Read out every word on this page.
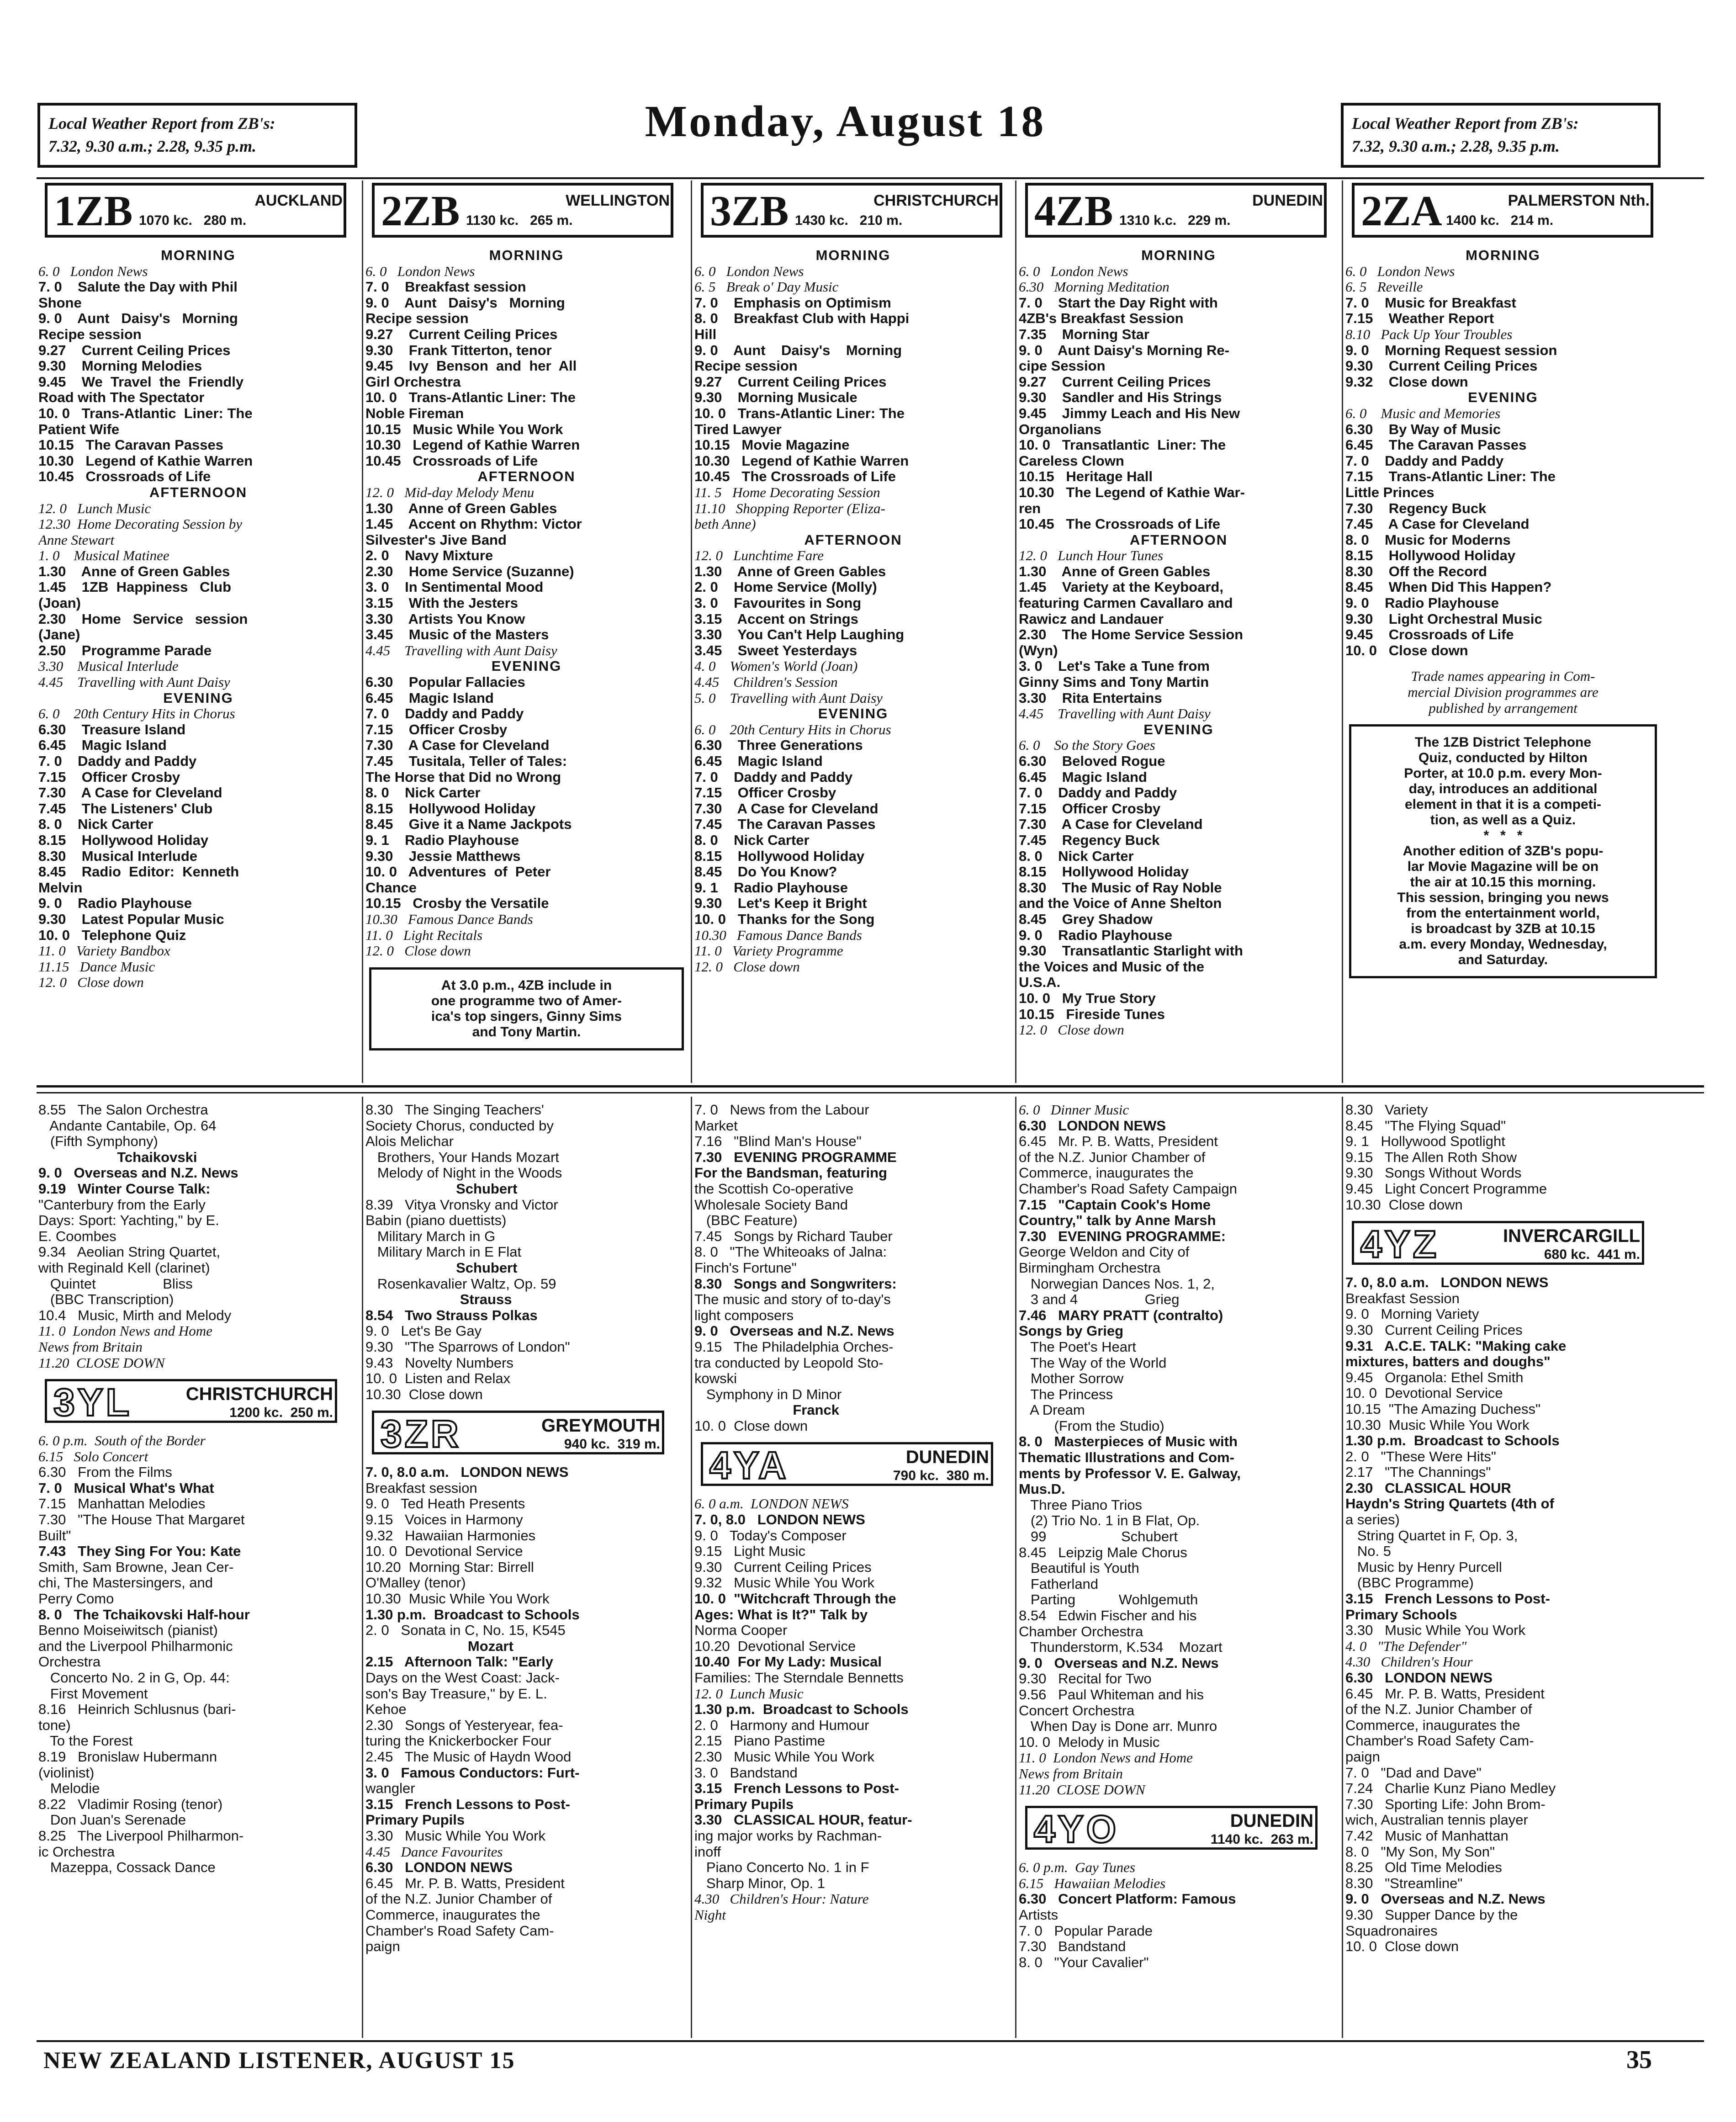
Local Weather Report from ZB's:
7.32, 9.30 a.m.; 2.28, 9.35 p.m.	Monday, August 18	Local Weather Report from ZB's:
7.32, 9.30 a.m.; 2.28, 9.35 p.m.
1ZB	AUCKLAND
1070 kc.   280 m.
MORNING
6. 0   London News
7. 0    Salute the Day with Phil
Shone
9. 0    Aunt   Daisy's   Morning
Recipe session
9.27    Current Ceiling Prices
9.30    Morning Melodies
9.45    We  Travel  the  Friendly
Road with The Spectator
10. 0   Trans-Atlantic  Liner: The
Patient Wife
10.15   The Caravan Passes
10.30   Legend of Kathie Warren
10.45   Crossroads of Life
AFTERNOON
12. 0   Lunch Music
12.30  Home Decorating Session by
Anne Stewart
1. 0    Musical Matinee
1.30    Anne of Green Gables
1.45    1ZB  Happiness   Club
(Joan)
2.30    Home   Service   session
(Jane)
2.50    Programme Parade
3.30    Musical Interlude
4.45    Travelling with Aunt Daisy
EVENING
6. 0    20th Century Hits in Chorus
6.30    Treasure Island
6.45    Magic Island
7. 0    Daddy and Paddy
7.15    Officer Crosby
7.30    A Case for Cleveland
7.45    The Listeners' Club
8. 0    Nick Carter
8.15    Hollywood Holiday
8.30    Musical Interlude
8.45    Radio  Editor:  Kenneth
Melvin
9. 0    Radio Playhouse
9.30    Latest Popular Music
10. 0   Telephone Quiz
11. 0   Variety Bandbox
11.15   Dance Music
12. 0   Close down
2ZB	WELLINGTON
1130 kc.   265 m.
MORNING
6. 0   London News
7. 0    Breakfast session
9. 0    Aunt   Daisy's   Morning
Recipe session
9.27    Current Ceiling Prices
9.30    Frank Titterton, tenor
9.45    Ivy  Benson  and  her  All
Girl Orchestra
10. 0   Trans-Atlantic Liner: The
Noble Fireman
10.15   Music While You Work
10.30   Legend of Kathie Warren
10.45   Crossroads of Life
AFTERNOON
12. 0   Mid-day Melody Menu
1.30    Anne of Green Gables
1.45    Accent on Rhythm: Victor
Silvester's Jive Band
2. 0    Navy Mixture
2.30    Home Service (Suzanne)
3. 0    In Sentimental Mood
3.15    With the Jesters
3.30    Artists You Know
3.45    Music of the Masters
4.45    Travelling with Aunt Daisy
EVENING
6.30    Popular Fallacies
6.45    Magic Island
7. 0    Daddy and Paddy
7.15    Officer Crosby
7.30    A Case for Cleveland
7.45    Tusitala, Teller of Tales:
The Horse that Did no Wrong
8. 0    Nick Carter
8.15    Hollywood Holiday
8.45    Give it a Name Jackpots
9. 1    Radio Playhouse
9.30    Jessie Matthews
10. 0   Adventures  of  Peter
Chance
10.15   Crosby the Versatile
10.30   Famous Dance Bands
11. 0   Light Recitals
12. 0   Close down
At 3.0 p.m., 4ZB include in
one programme two of Amer-
ica's top singers, Ginny Sims
and Tony Martin.
3ZB	CHRISTCHURCH
1430 kc.   210 m.
MORNING
6. 0   London News
6. 5   Break o' Day Music
7. 0    Emphasis on Optimism
8. 0    Breakfast Club with Happi
Hill
9. 0    Aunt    Daisy's    Morning
Recipe session
9.27    Current Ceiling Prices
9.30    Morning Musicale
10. 0   Trans-Atlantic Liner: The
Tired Lawyer
10.15   Movie Magazine
10.30   Legend of Kathie Warren
10.45   The Crossroads of Life
11. 5   Home Decorating Session
11.10   Shopping Reporter (Eliza-
beth Anne)
AFTERNOON
12. 0   Lunchtime Fare
1.30    Anne of Green Gables
2. 0    Home Service (Molly)
3. 0    Favourites in Song
3.15    Accent on Strings
3.30    You Can't Help Laughing
3.45    Sweet Yesterdays
4. 0    Women's World (Joan)
4.45    Children's Session
5. 0    Travelling with Aunt Daisy
EVENING
6. 0    20th Century Hits in Chorus
6.30    Three Generations
6.45    Magic Island
7. 0    Daddy and Paddy
7.15    Officer Crosby
7.30    A Case for Cleveland
7.45    The Caravan Passes
8. 0    Nick Carter
8.15    Hollywood Holiday
8.45    Do You Know?
9. 1    Radio Playhouse
9.30    Let's Keep it Bright
10. 0   Thanks for the Song
10.30   Famous Dance Bands
11. 0   Variety Programme
12. 0   Close down
4ZB	DUNEDIN
1310 k.c.   229 m.
MORNING
6. 0   London News
6.30   Morning Meditation
7. 0    Start the Day Right with
4ZB's Breakfast Session
7.35    Morning Star
9. 0    Aunt Daisy's Morning Re-
cipe Session
9.27    Current Ceiling Prices
9.30    Sandler and His Strings
9.45    Jimmy Leach and His New
Organolians
10. 0   Transatlantic  Liner: The
Careless Clown
10.15   Heritage Hall
10.30   The Legend of Kathie War-
ren
10.45   The Crossroads of Life
AFTERNOON
12. 0   Lunch Hour Tunes
1.30    Anne of Green Gables
1.45    Variety at the Keyboard,
featuring Carmen Cavallaro and
Rawicz and Landauer
2.30    The Home Service Session
(Wyn)
3. 0    Let's Take a Tune from
Ginny Sims and Tony Martin
3.30    Rita Entertains
4.45    Travelling with Aunt Daisy
EVENING
6. 0    So the Story Goes
6.30    Beloved Rogue
6.45    Magic Island
7. 0    Daddy and Paddy
7.15    Officer Crosby
7.30    A Case for Cleveland
7.45    Regency Buck
8. 0    Nick Carter
8.15    Hollywood Holiday
8.30    The Music of Ray Noble
and the Voice of Anne Shelton
8.45    Grey Shadow
9. 0    Radio Playhouse
9.30    Transatlantic Starlight with
the Voices and Music of the
U.S.A.
10. 0   My True Story
10.15   Fireside Tunes
12. 0   Close down
2ZA	PALMERSTON Nth.
1400 kc.   214 m.
MORNING
6. 0   London News
6. 5   Reveille
7. 0    Music for Breakfast
7.15    Weather Report
8.10   Pack Up Your Troubles
9. 0    Morning Request session
9.30    Current Ceiling Prices
9.32    Close down
EVENING
6. 0    Music and Memories
6.30    By Way of Music
6.45    The Caravan Passes
7. 0    Daddy and Paddy
7.15    Trans-Atlantic Liner: The
Little Princes
7.30    Regency Buck
7.45    A Case for Cleveland
8. 0    Music for Moderns
8.15    Hollywood Holiday
8.30    Off the Record
8.45    When Did This Happen?
9. 0    Radio Playhouse
9.30    Light Orchestral Music
9.45    Crossroads of Life
10. 0   Close down
Trade names appearing in Com-
mercial Division programmes are
published by arrangement
The 1ZB District Telephone
Quiz, conducted by Hilton
Porter, at 10.0 p.m. every Mon-
day, introduces an additional
element in that it is a competi-
tion, as well as a Quiz.
*   *   *
Another edition of 3ZB's popu-
lar Movie Magazine will be on
the air at 10.15 this morning.
This session, bringing you news
from the entertainment world,
is broadcast by 3ZB at 10.15
a.m. every Monday, Wednesday,
and Saturday.
8.55   The Salon Orchestra
Andante Cantabile, Op. 64
(Fifth Symphony)
Tchaikovski
9. 0   Overseas and N.Z. News
9.19   Winter Course Talk:
"Canterbury from the Early
Days: Sport: Yachting," by E.
E. Coombes
9.34   Aeolian String Quartet,
with Reginald Kell (clarinet)
Quintet                 Bliss
(BBC Transcription)
10.4   Music, Mirth and Melody
11. 0  London News and Home
News from Britain
11.20  CLOSE DOWN
3YL	CHRISTCHURCH
1200 kc.  250 m.
6. 0 p.m.  South of the Border
6.15   Solo Concert
6.30   From the Films
7. 0   Musical What's What
7.15   Manhattan Melodies
7.30   "The House That Margaret
Built"
7.43   They Sing For You: Kate
Smith, Sam Browne, Jean Cer-
chi, The Mastersingers, and
Perry Como
8. 0   The Tchaikovski Half-hour
Benno Moiseiwitsch (pianist)
and the Liverpool Philharmonic
Orchestra
Concerto No. 2 in G, Op. 44:
First Movement
8.16   Heinrich Schlusnus (bari-
tone)
To the Forest
8.19   Bronislaw Hubermann
(violinist)
Melodie
8.22   Vladimir Rosing (tenor)
Don Juan's Serenade
8.25   The Liverpool Philharmon-
ic Orchestra
Mazeppa, Cossack Dance
8.30   The Singing Teachers'
Society Chorus, conducted by
Alois Melichar
Brothers, Your Hands Mozart
Melody of Night in the Woods
Schubert
8.39   Vitya Vronsky and Victor
Babin (piano duettists)
Military March in G
Military March in E Flat
Schubert
Rosenkavalier Waltz, Op. 59
Strauss
8.54   Two Strauss Polkas
9. 0   Let's Be Gay
9.30   "The Sparrows of London"
9.43   Novelty Numbers
10. 0  Listen and Relax
10.30  Close down
3ZR	GREYMOUTH
940 kc.  319 m.
7. 0, 8.0 a.m.   LONDON NEWS
Breakfast session
9. 0   Ted Heath Presents
9.15   Voices in Harmony
9.32   Hawaiian Harmonies
10. 0  Devotional Service
10.20  Morning Star: Birrell
O'Malley (tenor)
10.30  Music While You Work
1.30 p.m.  Broadcast to Schools
2. 0   Sonata in C, No. 15, K545
Mozart
2.15   Afternoon Talk: "Early
Days on the West Coast: Jack-
son's Bay Treasure," by E. L.
Kehoe
2.30   Songs of Yesteryear, fea-
turing the Knickerbocker Four
2.45   The Music of Haydn Wood
3. 0   Famous Conductors: Furt-
wangler
3.15   French Lessons to Post-
Primary Pupils
3.30   Music While You Work
4.45   Dance Favourites
6.30   LONDON NEWS
6.45   Mr. P. B. Watts, President
of the N.Z. Junior Chamber of
Commerce, inaugurates the
Chamber's Road Safety Cam-
paign
7. 0   News from the Labour
Market
7.16   "Blind Man's House"
7.30   EVENING PROGRAMME
For the Bandsman, featuring
the Scottish Co-operative
Wholesale Society Band
(BBC Feature)
7.45   Songs by Richard Tauber
8. 0   "The Whiteoaks of Jalna:
Finch's Fortune"
8.30   Songs and Songwriters:
The music and story of to-day's
light composers
9. 0   Overseas and N.Z. News
9.15   The Philadelphia Orches-
tra conducted by Leopold Sto-
kowski
Symphony in D Minor
Franck
10. 0  Close down
4YA	DUNEDIN
790 kc.  380 m.
6. 0 a.m.  LONDON NEWS
7. 0, 8.0   LONDON NEWS
9. 0   Today's Composer
9.15   Light Music
9.30   Current Ceiling Prices
9.32   Music While You Work
10. 0  "Witchcraft Through the
Ages: What is It?" Talk by
Norma Cooper
10.20  Devotional Service
10.40  For My Lady: Musical
Families: The Sterndale Bennetts
12. 0  Lunch Music
1.30 p.m.  Broadcast to Schools
2. 0   Harmony and Humour
2.15   Piano Pastime
2.30   Music While You Work
3. 0   Bandstand
3.15   French Lessons to Post-
Primary Pupils
3.30   CLASSICAL HOUR, featur-
ing major works by Rachman-
inoff
Piano Concerto No. 1 in F
Sharp Minor, Op. 1
4.30   Children's Hour: Nature
Night
6. 0   Dinner Music
6.30   LONDON NEWS
6.45   Mr. P. B. Watts, President
of the N.Z. Junior Chamber of
Commerce, inaugurates the
Chamber's Road Safety Campaign
7.15   "Captain Cook's Home
Country," talk by Anne Marsh
7.30   EVENING PROGRAMME:
George Weldon and City of
Birmingham Orchestra
Norwegian Dances Nos. 1, 2,
3 and 4                 Grieg
7.46   MARY PRATT (contralto)
Songs by Grieg
The Poet's Heart
The Way of the World
Mother Sorrow
The Princess
A Dream
(From the Studio)
8. 0   Masterpieces of Music with
Thematic Illustrations and Com-
ments by Professor V. E. Galway,
Mus.D.
Three Piano Trios
(2) Trio No. 1 in B Flat, Op.
99                   Schubert
8.45   Leipzig Male Chorus
Beautiful is Youth
Fatherland
Parting           Wohlgemuth
8.54   Edwin Fischer and his
Chamber Orchestra
Thunderstorm, K.534    Mozart
9. 0   Overseas and N.Z. News
9.30   Recital for Two
9.56   Paul Whiteman and his
Concert Orchestra
When Day is Done arr. Munro
10. 0  Melody in Music
11. 0  London News and Home
News from Britain
11.20  CLOSE DOWN
4YO	DUNEDIN
1140 kc.  263 m.
6. 0 p.m.  Gay Tunes
6.15   Hawaiian Melodies
6.30   Concert Platform: Famous
Artists
7. 0   Popular Parade
7.30   Bandstand
8. 0   "Your Cavalier"
8.30   Variety
8.45   "The Flying Squad"
9. 1   Hollywood Spotlight
9.15   The Allen Roth Show
9.30   Songs Without Words
9.45   Light Concert Programme
10.30  Close down
4YZ	INVERCARGILL
680 kc.  441 m.
7. 0, 8.0 a.m.   LONDON NEWS
Breakfast Session
9. 0   Morning Variety
9.30   Current Ceiling Prices
9.31   A.C.E. TALK: "Making cake
mixtures, batters and doughs"
9.45   Organola: Ethel Smith
10. 0  Devotional Service
10.15  "The Amazing Duchess"
10.30  Music While You Work
1.30 p.m.  Broadcast to Schools
2. 0   "These Were Hits"
2.17   "The Channings"
2.30   CLASSICAL HOUR
Haydn's String Quartets (4th of
a series)
String Quartet in F, Op. 3,
No. 5
Music by Henry Purcell
(BBC Programme)
3.15   French Lessons to Post-
Primary Schools
3.30   Music While You Work
4. 0   "The Defender"
4.30   Children's Hour
6.30   LONDON NEWS
6.45   Mr. P. B. Watts, President
of the N.Z. Junior Chamber of
Commerce, inaugurates the
Chamber's Road Safety Cam-
paign
7. 0   "Dad and Dave"
7.24   Charlie Kunz Piano Medley
7.30   Sporting Life: John Brom-
wich, Australian tennis player
7.42   Music of Manhattan
8. 0   "My Son, My Son"
8.25   Old Time Melodies
8.30   "Streamline"
9. 0   Overseas and N.Z. News
9.30   Supper Dance by the
Squadronaires
10. 0  Close down
NEW ZEALAND LISTENER, AUGUST 15	35
